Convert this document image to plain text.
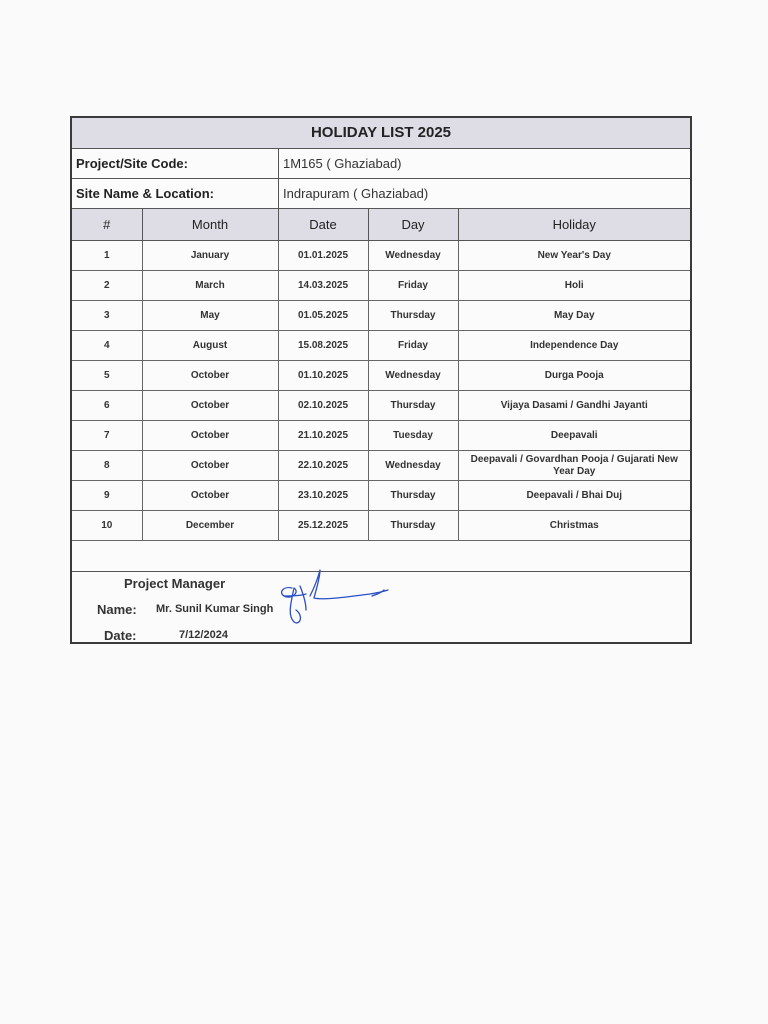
HOLIDAY LIST 2025
Project/Site Code:	1M165 ( Ghaziabad)
Site Name & Location:	Indrapuram ( Ghaziabad)
#	Month	Date	Day	Holiday
1	January	01.01.2025	Wednesday	New Year's Day
2	March	14.03.2025	Friday	Holi
3	May	01.05.2025	Thursday	May Day
4	August	15.08.2025	Friday	Independence Day
5	October	01.10.2025	Wednesday	Durga Pooja
6	October	02.10.2025	Thursday	Vijaya Dasami / Gandhi Jayanti
7	October	21.10.2025	Tuesday	Deepavali
8	October	22.10.2025	Wednesday	Deepavali / Govardhan Pooja / Gujarati New Year Day
9	October	23.10.2025	Thursday	Deepavali / Bhai Duj
10	December	25.12.2025	Thursday	Christmas
Project Manager
Name: Mr. Sunil Kumar Singh
Date:	7/12/2024
